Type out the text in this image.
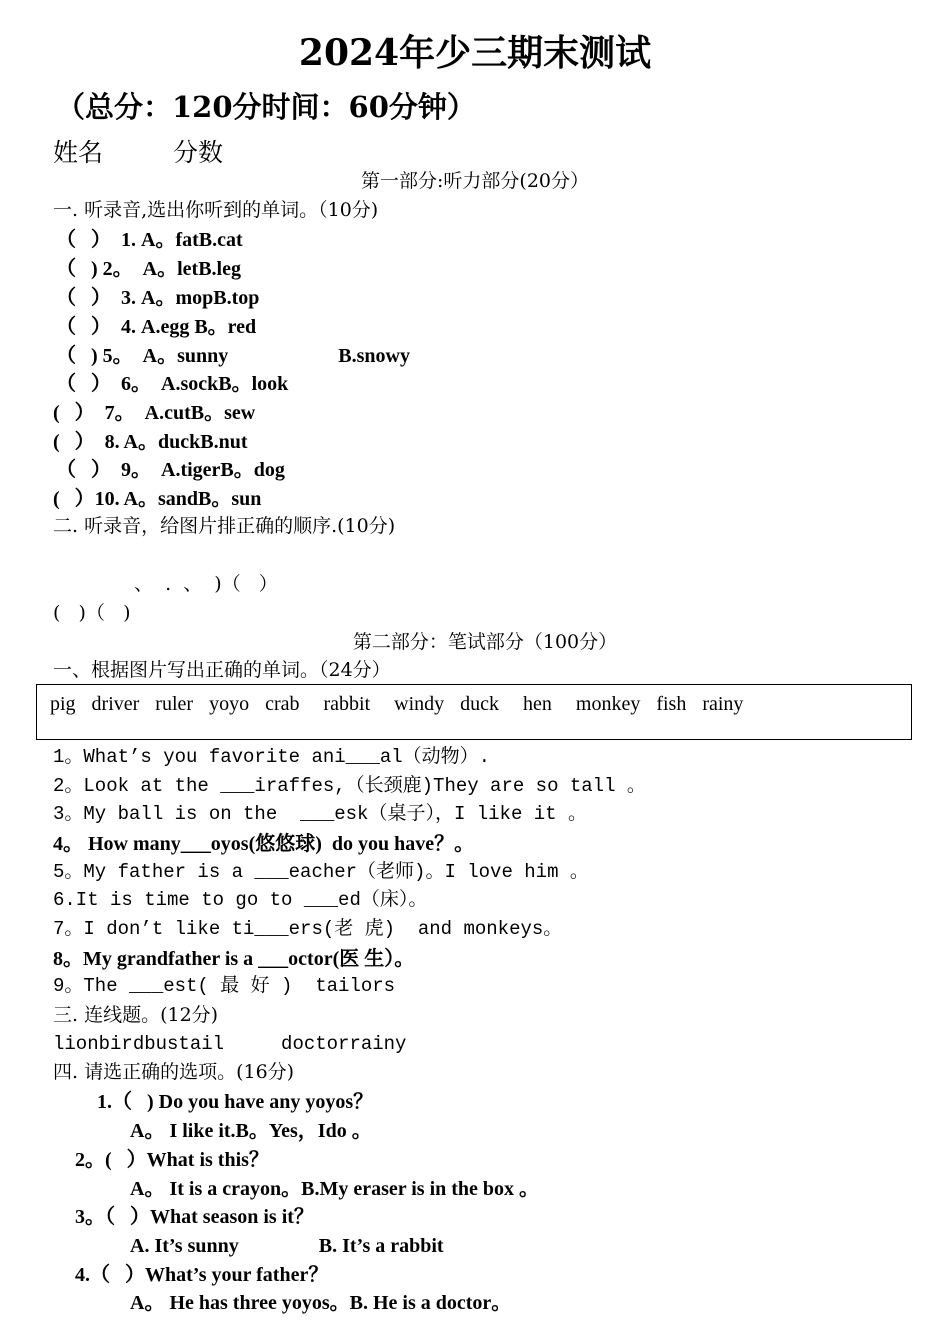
2024年少三期末测试
（总分：120分时间：60分钟）
姓名	分数
第一部分:听力部分(20分）
一. 听录音,选出你听到的单词。（10分)
（   ）  1. A。fatB.cat
（   ) 2。  A。letB.leg
（   ）  3. A。mopB.top
（   ）  4. A.egg B。red
（   ) 5。  A。sunny                      B.snowy
（   ）  6。  A.sockB。look
(   ）  7。  A.cutB。sew
(   ）  8. A。duckB.nut
（   ）  9。  A.tigerB。dog
(   ）10. A。sandB。sun
二. 听录音，给图片排正确的顺序.(10分)
、  .  、  )（   ）
(   )（   )
第二部分：笔试部分（100分）
一、根据图片写出正确的单词。（24分）
pig  driver  ruler  yoyo  crab   rabbit   windy  duck   hen   monkey  fish  rainy
1。What’s you favorite ani___al（动物）.
2。Look at the ___iraffes,（长颈鹿)They are so tall 。
3。My ball is on the  ___esk（桌子），I like it 。
4。 How many___oyos(悠悠球)  do you have？。
5。My father is a ___eacher（老师)。I love him 。
6.It is time to go to ___ed（床）。
7。I don’t like ti___ers(老 虎)  and monkeys。
8。My grandfather is a ___octor(医 生）。
9。The ___est( 最 好 )  tailors
三. 连线题。(12分)
lionbirdbustail     doctorrainy
四. 请选正确的选项。(16分)
1.（   ) Do you have any yoyos？
A。 I like it.B。Yes，Ido 。
2。(   ）What is this？
A。 It is a crayon。B.My eraser is in the box 。
3。（   ）What season is it？
A. It’s sunny                B. It’s a rabbit
4.（   ）What’s your father？
A。 He has three yoyos。B. He is a doctor。
